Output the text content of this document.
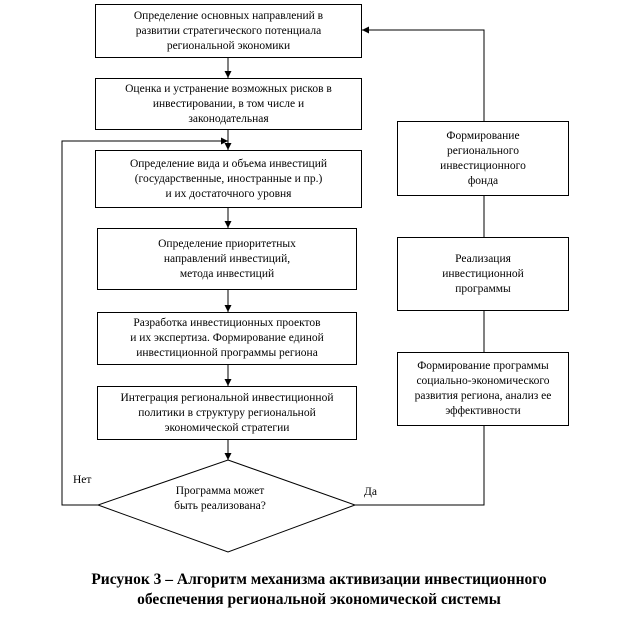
Определение основных направлений в
развитии стратегического потенциала
региональной экономики
Оценка и устранение возможных рисков в
инвестировании, в том числе и
законодательная
Определение вида и объема инвестиций
(государственные, иностранные и пр.)
и их достаточного уровня
Определение приоритетных
направлений инвестиций,
метода инвестиций
Разработка инвестиционных проектов
и их экспертиза. Формирование единой
инвестиционной программы региона
Интеграция региональной инвестиционной
политики в структуру региональной
экономической стратегии
Формирование
регионального
инвестиционного
фонда
Реализация
инвестиционной
программы
Формирование программы
социально-экономического
развития региона, анализ ее
эффективности
Программа может
быть реализована?
Нет
Да
Рисунок 3 – Алгоритм механизма активизации инвестиционного
обеспечения региональной экономической системы
